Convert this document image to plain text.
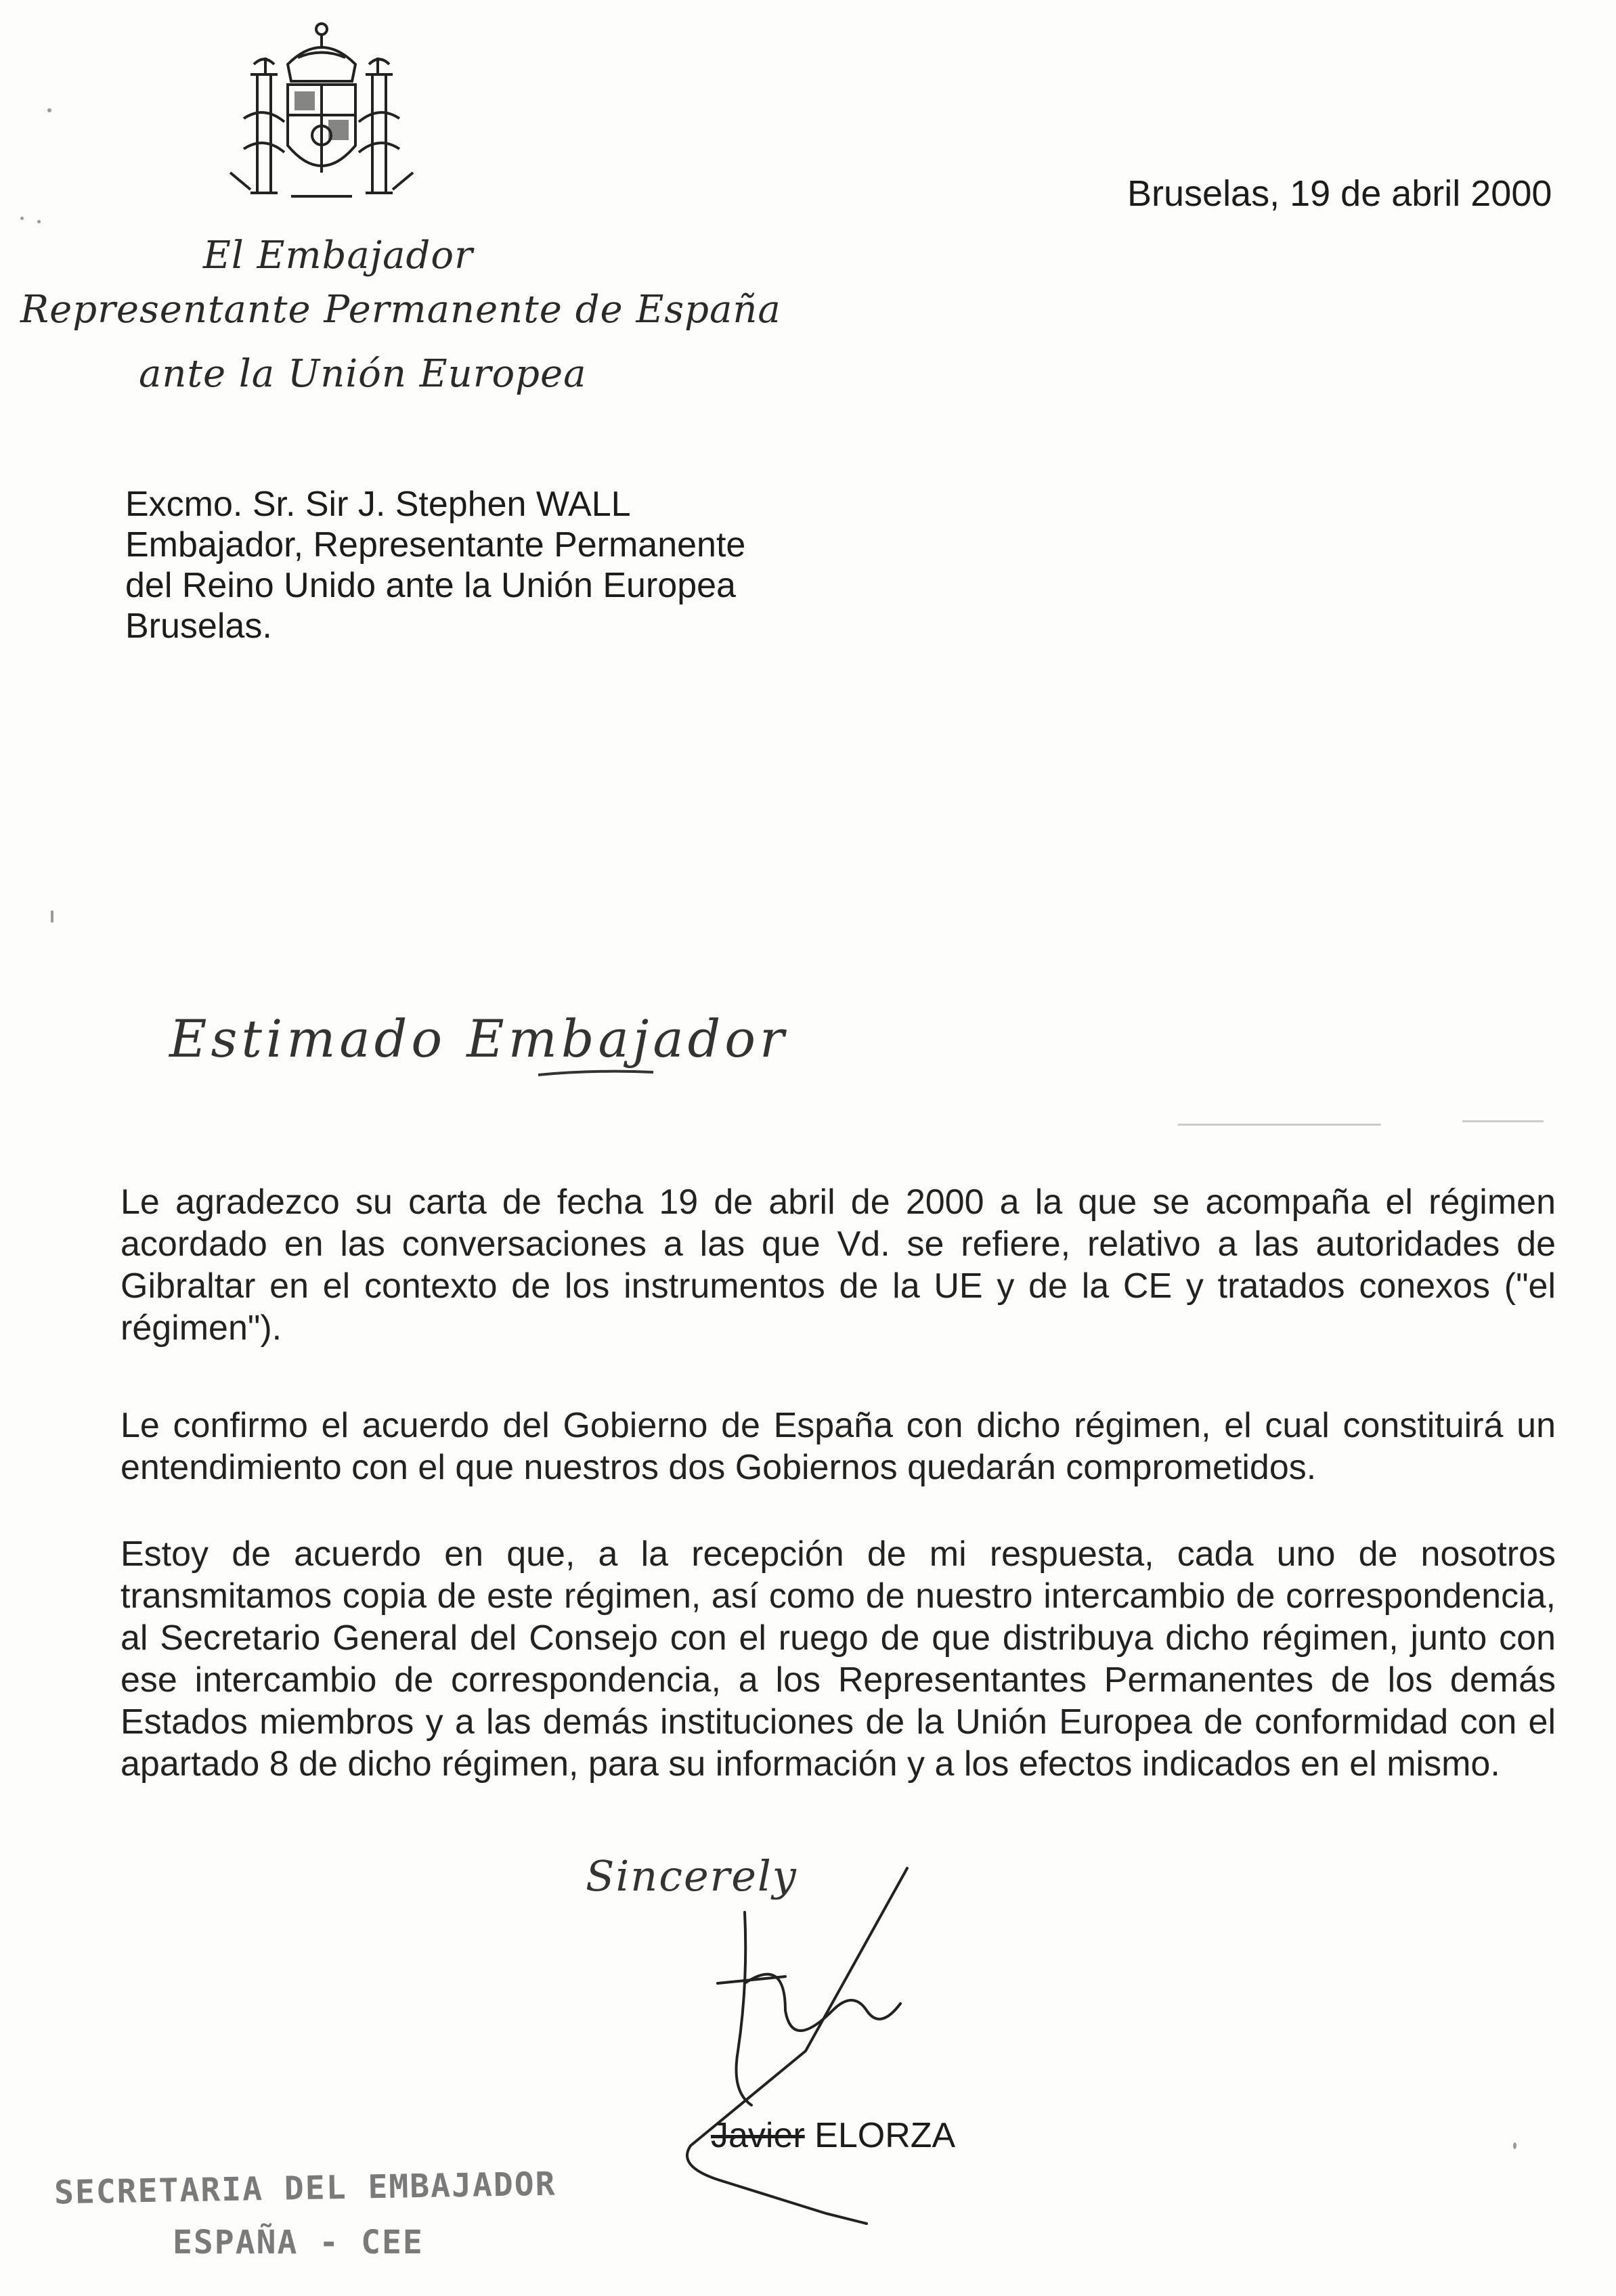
Bruselas, 19 de abril 2000
El Embajador
Representante Permanente de España
ante la Unión Europea
Excmo. Sr. Sir J. Stephen WALL
Embajador, Representante Permanente
del Reino Unido ante la Unión Europea
Bruselas.
Estimado Embajador
Le agradezco su carta de fecha 19 de abril de 2000 a la que se acompaña el régimen acordado en las conversaciones a las que Vd. se refiere, relativo a las autoridades de Gibraltar en el contexto de los instrumentos de la UE y de la CE y tratados conexos ("el régimen").
Le confirmo el acuerdo del Gobierno de España con dicho régimen, el cual constituirá un entendimiento con el que nuestros dos Gobiernos quedarán comprometidos.
Estoy de acuerdo en que, a la recepción de mi respuesta, cada uno de nosotros transmitamos copia de este régimen, así como de nuestro intercambio de correspondencia, al Secretario General del Consejo con el ruego de que distribuya dicho régimen, junto con ese intercambio de correspondencia, a los Representantes Permanentes de los demás Estados miembros y a las demás instituciones de la Unión Europea de conformidad con el apartado 8 de dicho régimen, para su información y a los efectos indicados en el mismo.
Sincerely
Javier ELORZA
SECRETARIA DEL EMBAJADOR
ESPAÑA - CEE
